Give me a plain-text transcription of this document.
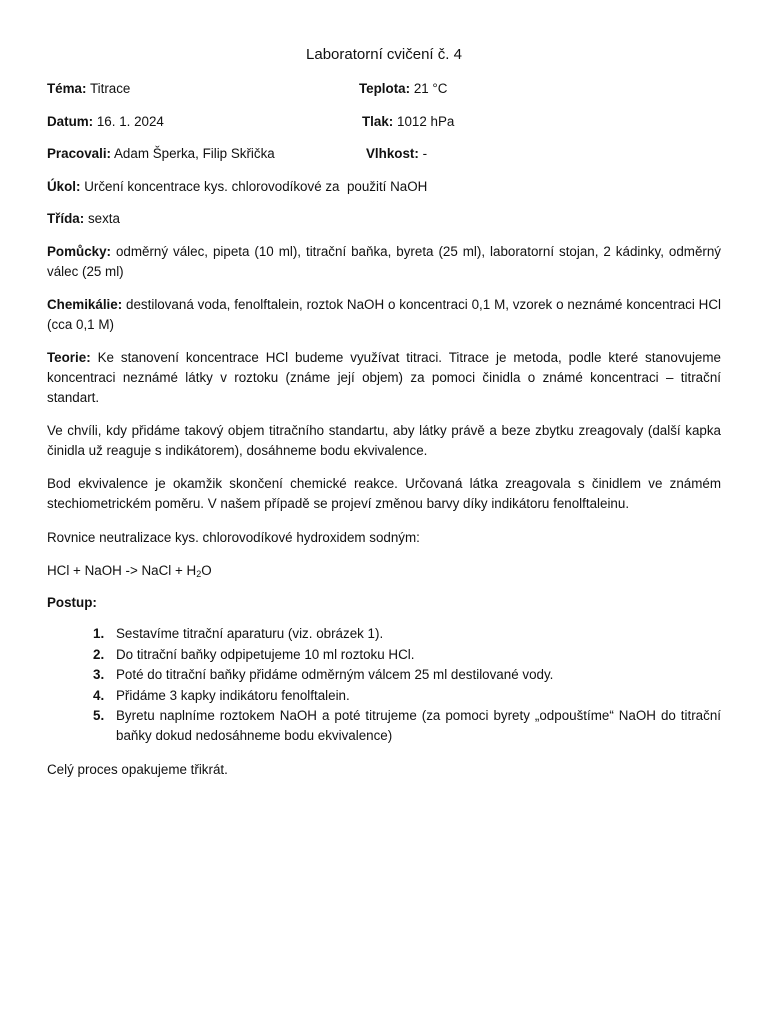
Laboratorní cvičení č. 4
Téma: Titrace	Teplota: 21 °C
Datum: 16. 1. 2024	Tlak: 1012 hPa
Pracovali: Adam Šperka, Filip Skřička	Vlhkost: -
Úkol: Určení koncentrace kys. chlorovodíkové za  použití NaOH
Třída: sexta
Pomůcky: odměrný válec, pipeta (10 ml), titrační baňka, byreta (25 ml), laboratorní stojan, 2 kádinky, odměrný válec (25 ml)
Chemikálie: destilovaná voda, fenolftalein, roztok NaOH o koncentraci 0,1 M, vzorek o neznámé koncentraci HCl (cca 0,1 M)
Teorie: Ke stanovení koncentrace HCl budeme využívat titraci. Titrace je metoda, podle které stanovujeme koncentraci neznámé látky v roztoku (známe její objem) za pomoci činidla o známé koncentraci – titrační standart.
Ve chvíli, kdy přidáme takový objem titračního standartu, aby látky právě a beze zbytku zreagovaly (další kapka činidla už reaguje s indikátorem), dosáhneme bodu ekvivalence.
Bod ekvivalence je okamžik skončení chemické reakce. Určovaná látka zreagovala s činidlem ve známém stechiometrickém poměru. V našem případě se projeví změnou barvy díky indikátoru fenolftaleinu.
Rovnice neutralizace kys. chlorovodíkové hydroxidem sodným:
HCl + NaOH -> NaCl + $H_2O$
Postup:
1. Sestavíme titrační aparaturu (viz. obrázek 1).
2. Do titrační baňky odpipetujeme 10 ml roztoku HCl.
3. Poté do titrační baňky přidáme odměrným válcem 25 ml destilované vody.
4. Přidáme 3 kapky indikátoru fenolftalein.
5. Byretu naplníme roztokem NaOH a poté titrujeme (za pomoci byrety „odpouštíme“ NaOH do titrační baňky dokud nedosáhneme bodu ekvivalence)
Celý proces opakujeme třikrát.
